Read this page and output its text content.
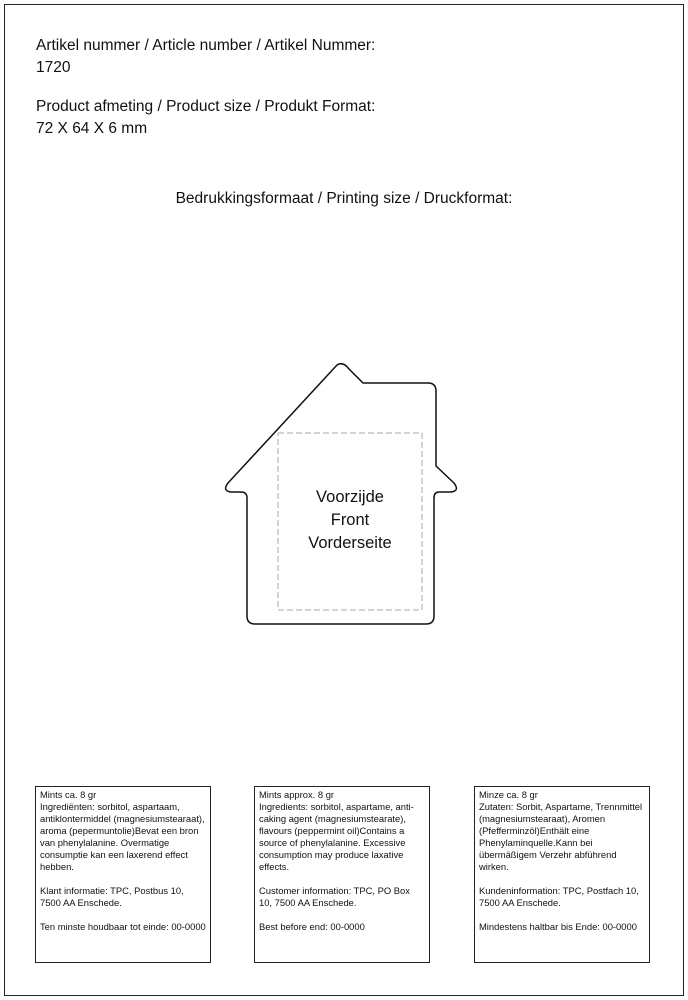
Artikel nummer / Article number / Artikel Nummer:
1720
Product afmeting / Product size / Produkt Format:
72 X 64 X 6 mm
Bedrukkingsformaat / Printing size / Druckformat:
Voorzijde
Front
Vorderseite

Mints ca. 8 gr

Ingrediënten: sorbitol, aspartaam, antiklontermiddel (magnesiumstearaat), aroma (pepermuntolie)Bevat een bron van phenylalanine. Overmatige consumptie kan een laxerend effect hebben.

Klant informatie: TPC, Postbus 10, 7500 AA Enschede.

Ten minste houdbaar tot einde: 00-0000

Mints approx. 8 gr

Ingredients: sorbitol, aspartame, anti-caking agent (magnesiumstearate), flavours (peppermint oil)Contains a source of phenylalanine. Excessive consumption may produce laxative effects.

Customer information: TPC, PO Box 10, 7500 AA Enschede.

Best before end: 00-0000

Minze ca. 8 gr

Zutaten: Sorbit, Aspartame, Trennmittel (magnesiumstearaat), Aromen (Pfefferminzöl)Enthält eine Phenylaminquelle.Kann bei übermäßigem Verzehr abführend wirken.

Kundeninformation: TPC, Postfach 10, 7500 AA Enschede.

Mindestens haltbar bis Ende: 00-0000
